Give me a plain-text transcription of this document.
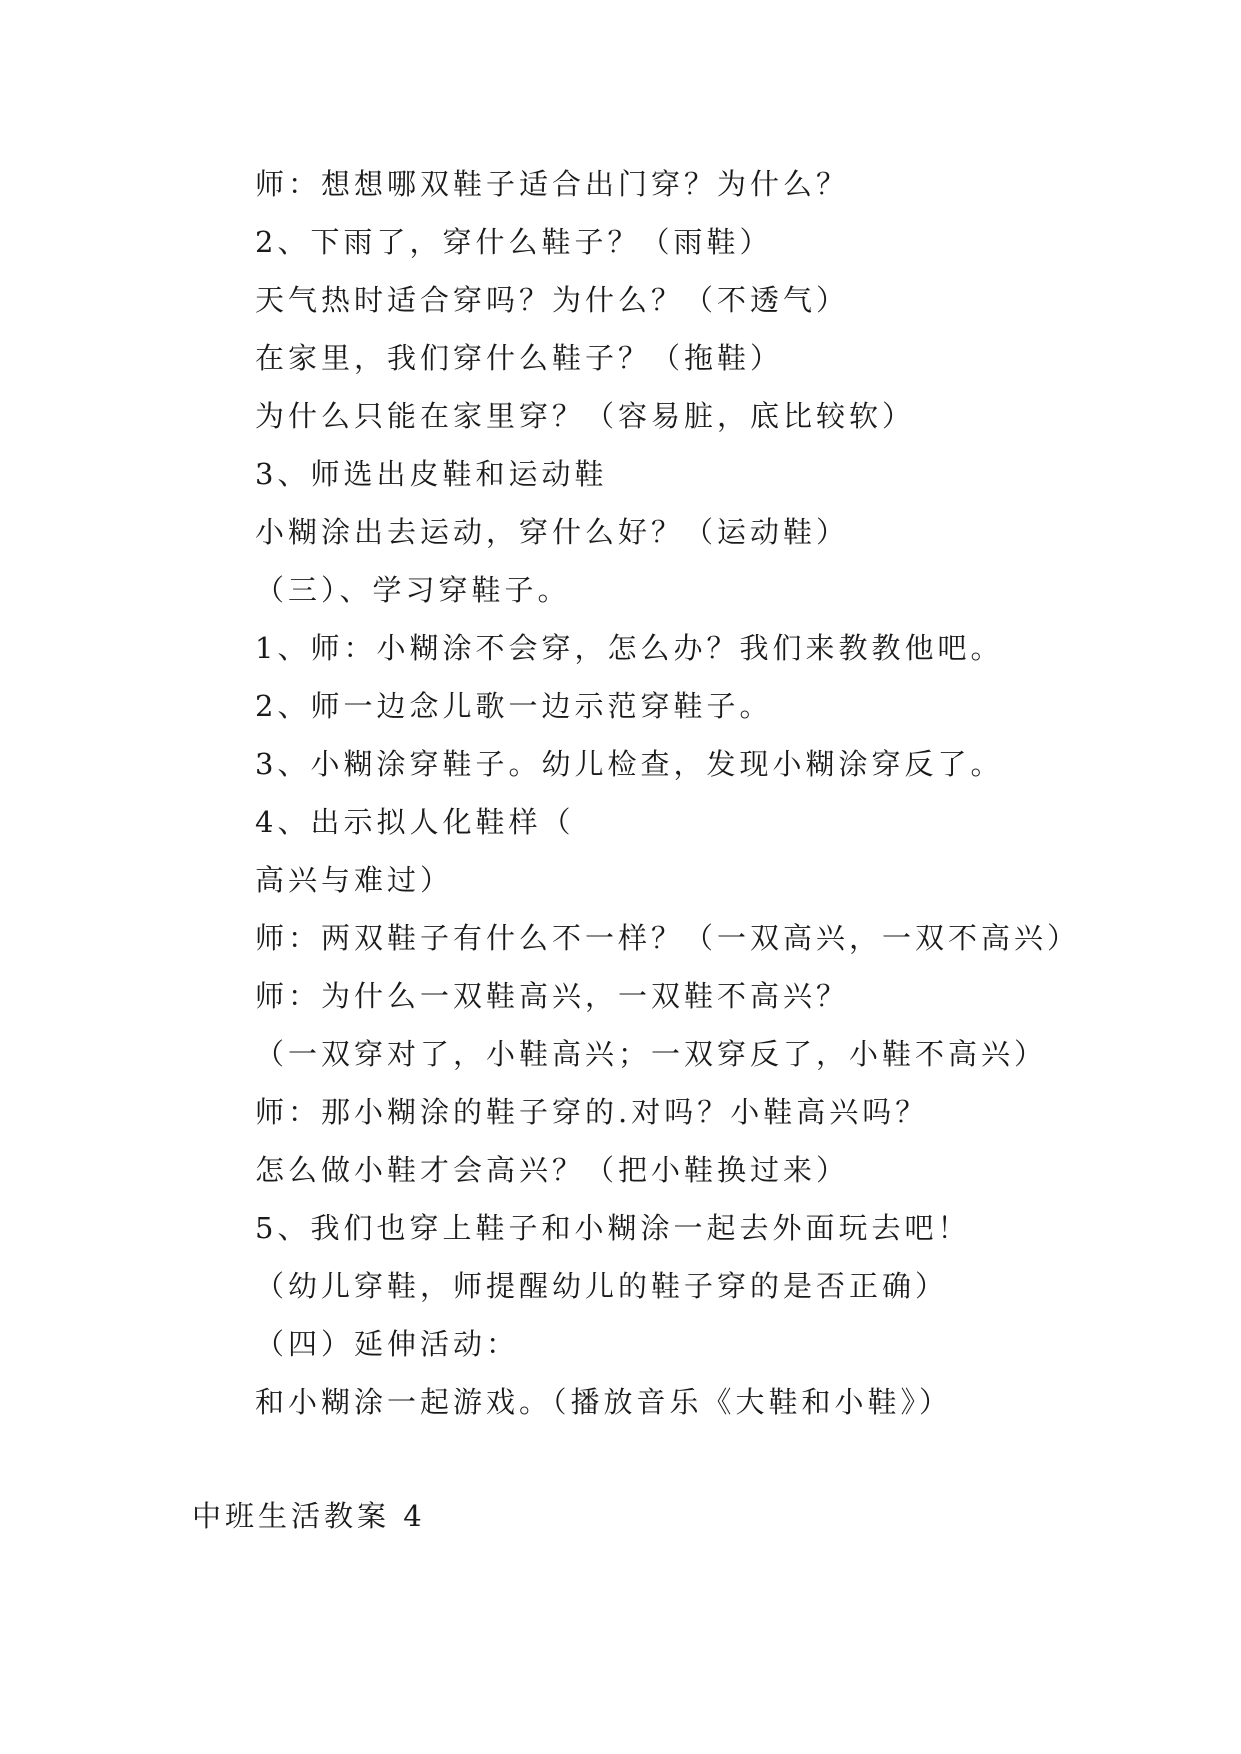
师：想想哪双鞋子适合出门穿？为什么？
2、下雨了，穿什么鞋子？（雨鞋）
天气热时适合穿吗？为什么？（不透气）
在家里，我们穿什么鞋子？（拖鞋）
为什么只能在家里穿？（容易脏，底比较软）
3、师选出皮鞋和运动鞋
小糊涂出去运动，穿什么好？（运动鞋）
（三）、学习穿鞋子。
1、师：小糊涂不会穿，怎么办？我们来教教他吧。
2、师一边念儿歌一边示范穿鞋子。
3、小糊涂穿鞋子。幼儿检查，发现小糊涂穿反了。
4、出示拟人化鞋样（
高兴与难过）
师：两双鞋子有什么不一样？（一双高兴，一双不高兴）
师：为什么一双鞋高兴，一双鞋不高兴？
（一双穿对了，小鞋高兴；一双穿反了，小鞋不高兴）
师：那小糊涂的鞋子穿的.对吗？小鞋高兴吗？
怎么做小鞋才会高兴？（把小鞋换过来）
5、我们也穿上鞋子和小糊涂一起去外面玩去吧！
（幼儿穿鞋，师提醒幼儿的鞋子穿的是否正确）
（四）延伸活动：
和小糊涂一起游戏。（播放音乐《大鞋和小鞋》）
中班生活教案 4
